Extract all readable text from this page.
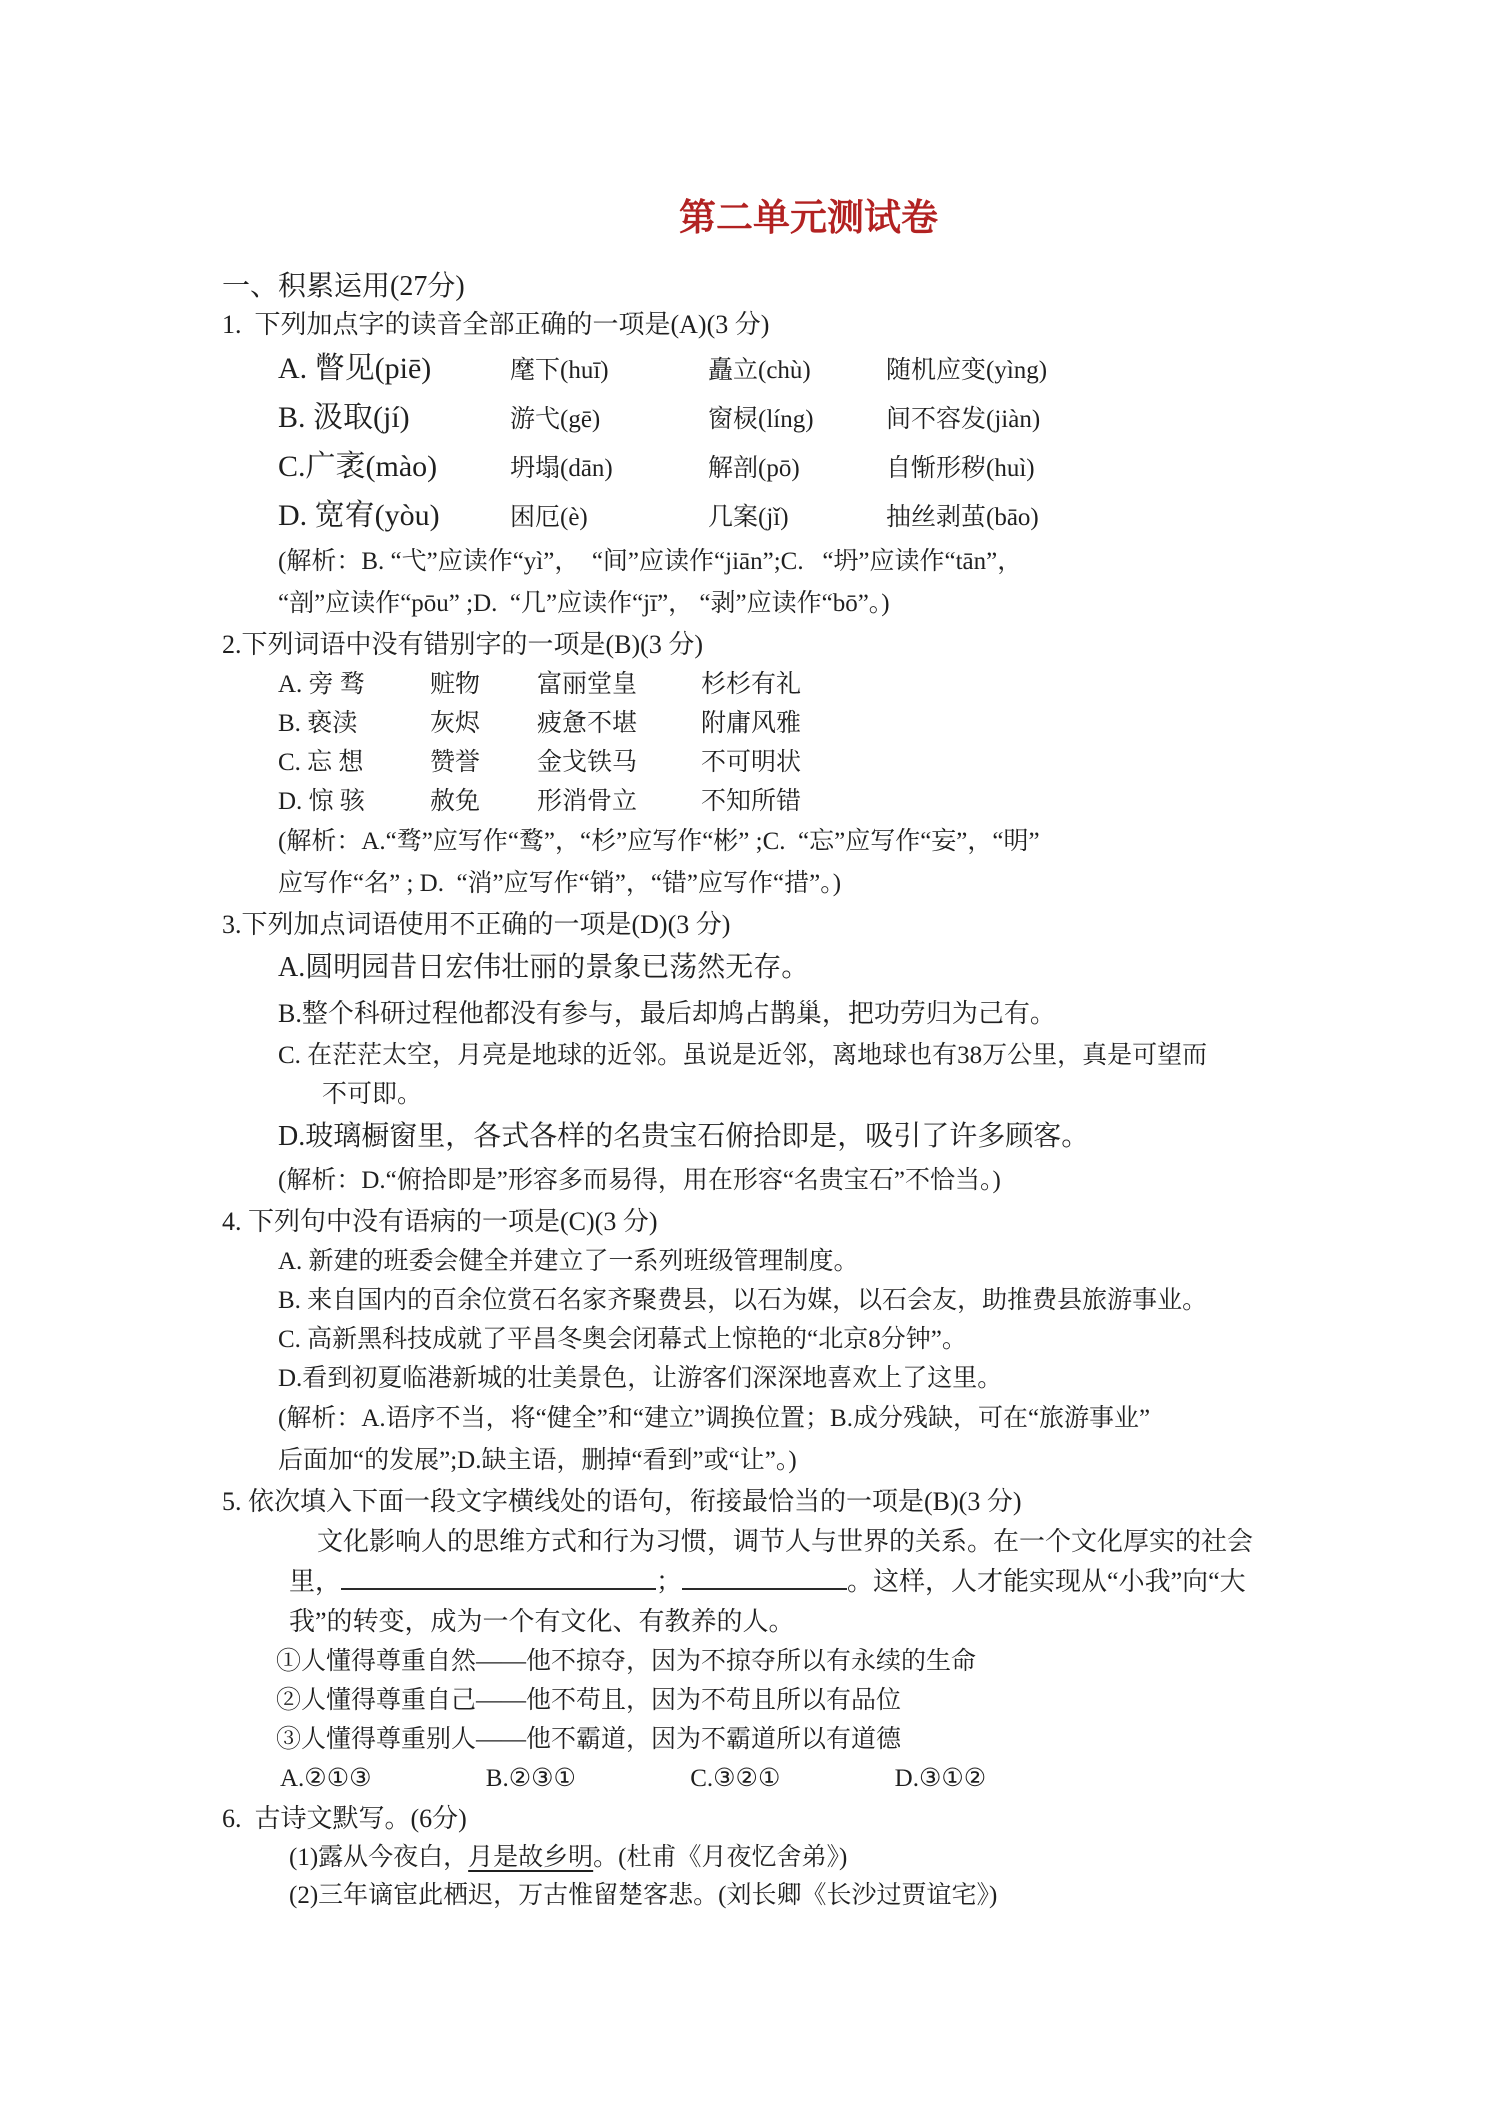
第二单元测试卷
一、积累运用(27分)
1.  下列加点字的读音全部正确的一项是(A)(3 分)
A. 瞥见(piē)	麾下(huī)	矗立(chù)	随机应变(yìng)
B. 汲取(jí)	游弋(gē)	窗棂(líng)	间不容发(jiàn)
C.广袤(mào)	坍塌(dān)	解剖(pō)	自惭形秽(huì)
D. 宽宥(yòu)	困厄(è)	几案(jǐ)	抽丝剥茧(bāo)
(解析：B. “弋”应读作“yì”，  “间”应读作“jiān”;C.   “坍”应读作“tān”，
“剖”应读作“pōu” ;D.  “几”应读作“jī”， “剥”应读作“bō”。)
2.下列词语中没有错别字的一项是(B)(3 分)
A. 旁 骛	赃物	富丽堂皇	杉杉有礼
B. 亵渎	灰烬	疲惫不堪	附庸风雅
C. 忘 想	赞誉	金戈铁马	不可明状
D. 惊 骇	赦免	形消骨立	不知所错
(解析：A.“骛”应写作“鹜”，“杉”应写作“彬” ;C.  “忘”应写作“妄”，“明”
应写作“名” ; D.  “消”应写作“销”，“错”应写作“措”。)
3.下列加点词语使用不正确的一项是(D)(3 分)
A.圆明园昔日宏伟壮丽的景象已荡然无存。
B.整个科研过程他都没有参与，最后却鸠占鹊巢，把功劳归为己有。
C. 在茫茫太空，月亮是地球的近邻。虽说是近邻，离地球也有38万公里，真是可望而
不可即。
D.玻璃橱窗里，各式各样的名贵宝石俯拾即是，吸引了许多顾客。
(解析：D.“俯拾即是”形容多而易得，用在形容“名贵宝石”不恰当。)
4. 下列句中没有语病的一项是(C)(3 分)
A. 新建的班委会健全并建立了一系列班级管理制度。
B. 来自国内的百余位赏石名家齐聚费县，以石为媒，以石会友，助推费县旅游事业。
C. 高新黑科技成就了平昌冬奥会闭幕式上惊艳的“北京8分钟”。
D.看到初夏临港新城的壮美景色，让游客们深深地喜欢上了这里。
(解析：A.语序不当，将“健全”和“建立”调换位置；B.成分残缺，可在“旅游事业”
后面加“的发展”;D.缺主语，删掉“看到”或“让”。)
5. 依次填入下面一段文字横线处的语句，衔接最恰当的一项是(B)(3 分)
文化影响人的思维方式和行为习惯，调节人与世界的关系。在一个文化厚实的社会
里，	；	。这样，人才能实现从“小我”向“大
我”的转变，成为一个有文化、有教养的人。
①人懂得尊重自然——他不掠夺，因为不掠夺所以有永续的生命
②人懂得尊重自己——他不苟且，因为不苟且所以有品位
③人懂得尊重别人——他不霸道，因为不霸道所以有道德
A.②①③	B.②③①	C.③②①	D.③①②
6.  古诗文默写。(6分)
(1)露从今夜白，月是故乡明。(杜甫《月夜忆舍弟》)
(2)三年谪宦此栖迟，万古惟留楚客悲。(刘长卿《长沙过贾谊宅》)
